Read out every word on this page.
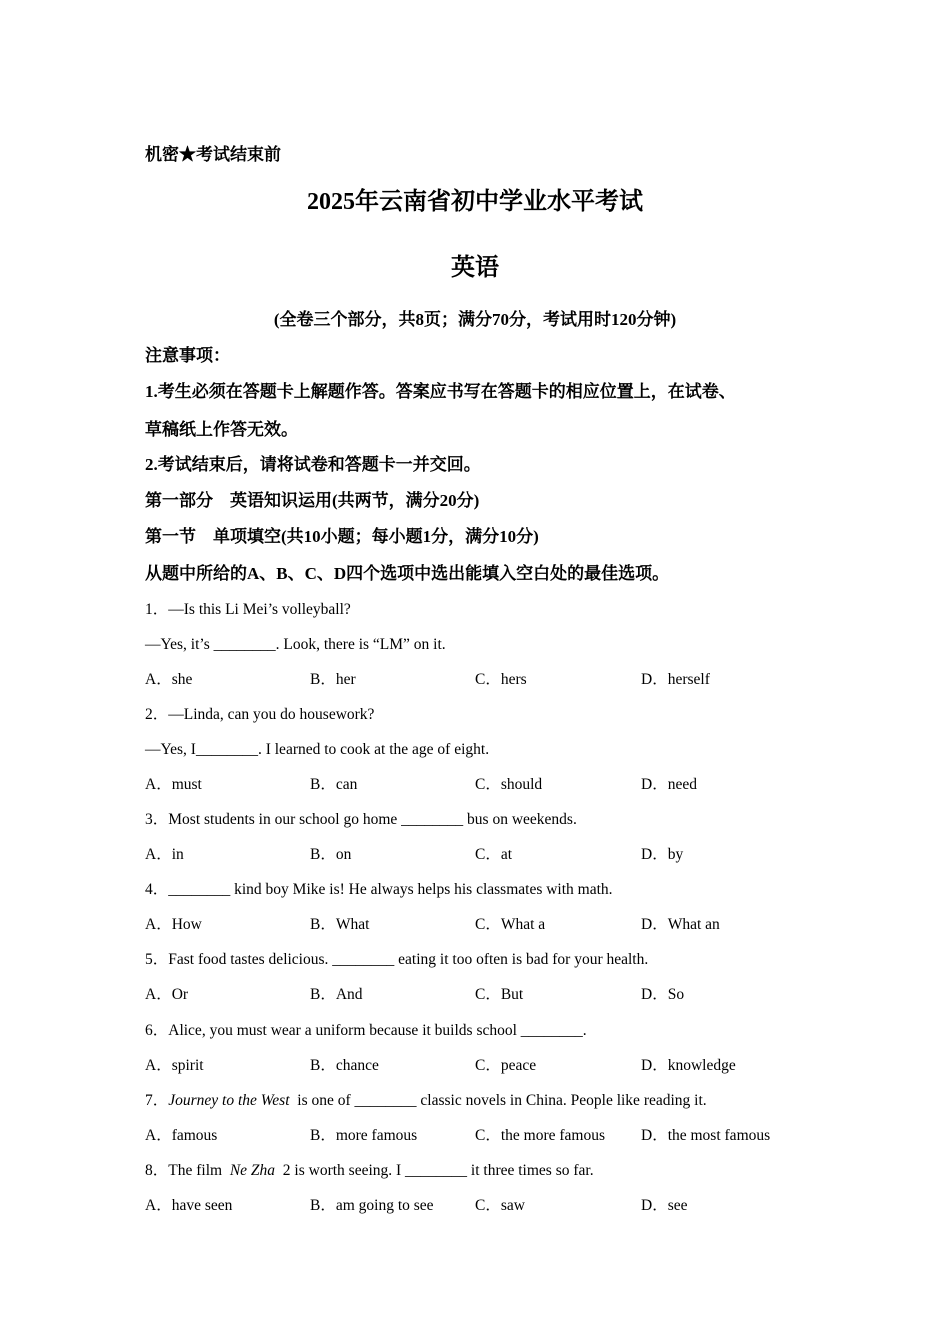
机密★考试结束前
2025年云南省初中学业水平考试
英语
(全卷三个部分，共8页；满分70分，考试用时120分钟)
注意事项：
1.考生必须在答题卡上解题作答。答案应书写在答题卡的相应位置上，在试卷、
草稿纸上作答无效。
2.考试结束后，请将试卷和答题卡一并交回。
第一部分　英语知识运用(共两节，满分20分)
第一节　单项填空(共10小题；每小题1分，满分10分)
从题中所给的A、B、C、D四个选项中选出能填入空白处的最佳选项。
1．—Is this Li Mei’s volleyball?
—Yes, it’s ________. Look, there is “LM” on it.
A．she	B．her	C．hers	D．herself
2．—Linda, can you do housework?
—Yes, I________. I learned to cook at the age of eight.
A．must	B．can	C．should	D．need
3．Most students in our school go home ________ bus on weekends.
A．in	B．on	C．at	D．by
4．________ kind boy Mike is! He always helps his classmates with math.
A．How	B．What	C．What a	D．What an
5．Fast food tastes delicious. ________ eating it too often is bad for your health.
A．Or	B．And	C．But	D．So
6．Alice, you must wear a uniform because it builds school ________.
A．spirit	B．chance	C．peace	D．knowledge
7．Journey to the West  is one of ________ classic novels in China. People like reading it.
A．famous	B．more famous	C．the more famous D．the most famous
8．The film  Ne Zha  2 is worth seeing. I ________ it three times so far.
A．have seen	B．am going to see	C．saw	D．see
